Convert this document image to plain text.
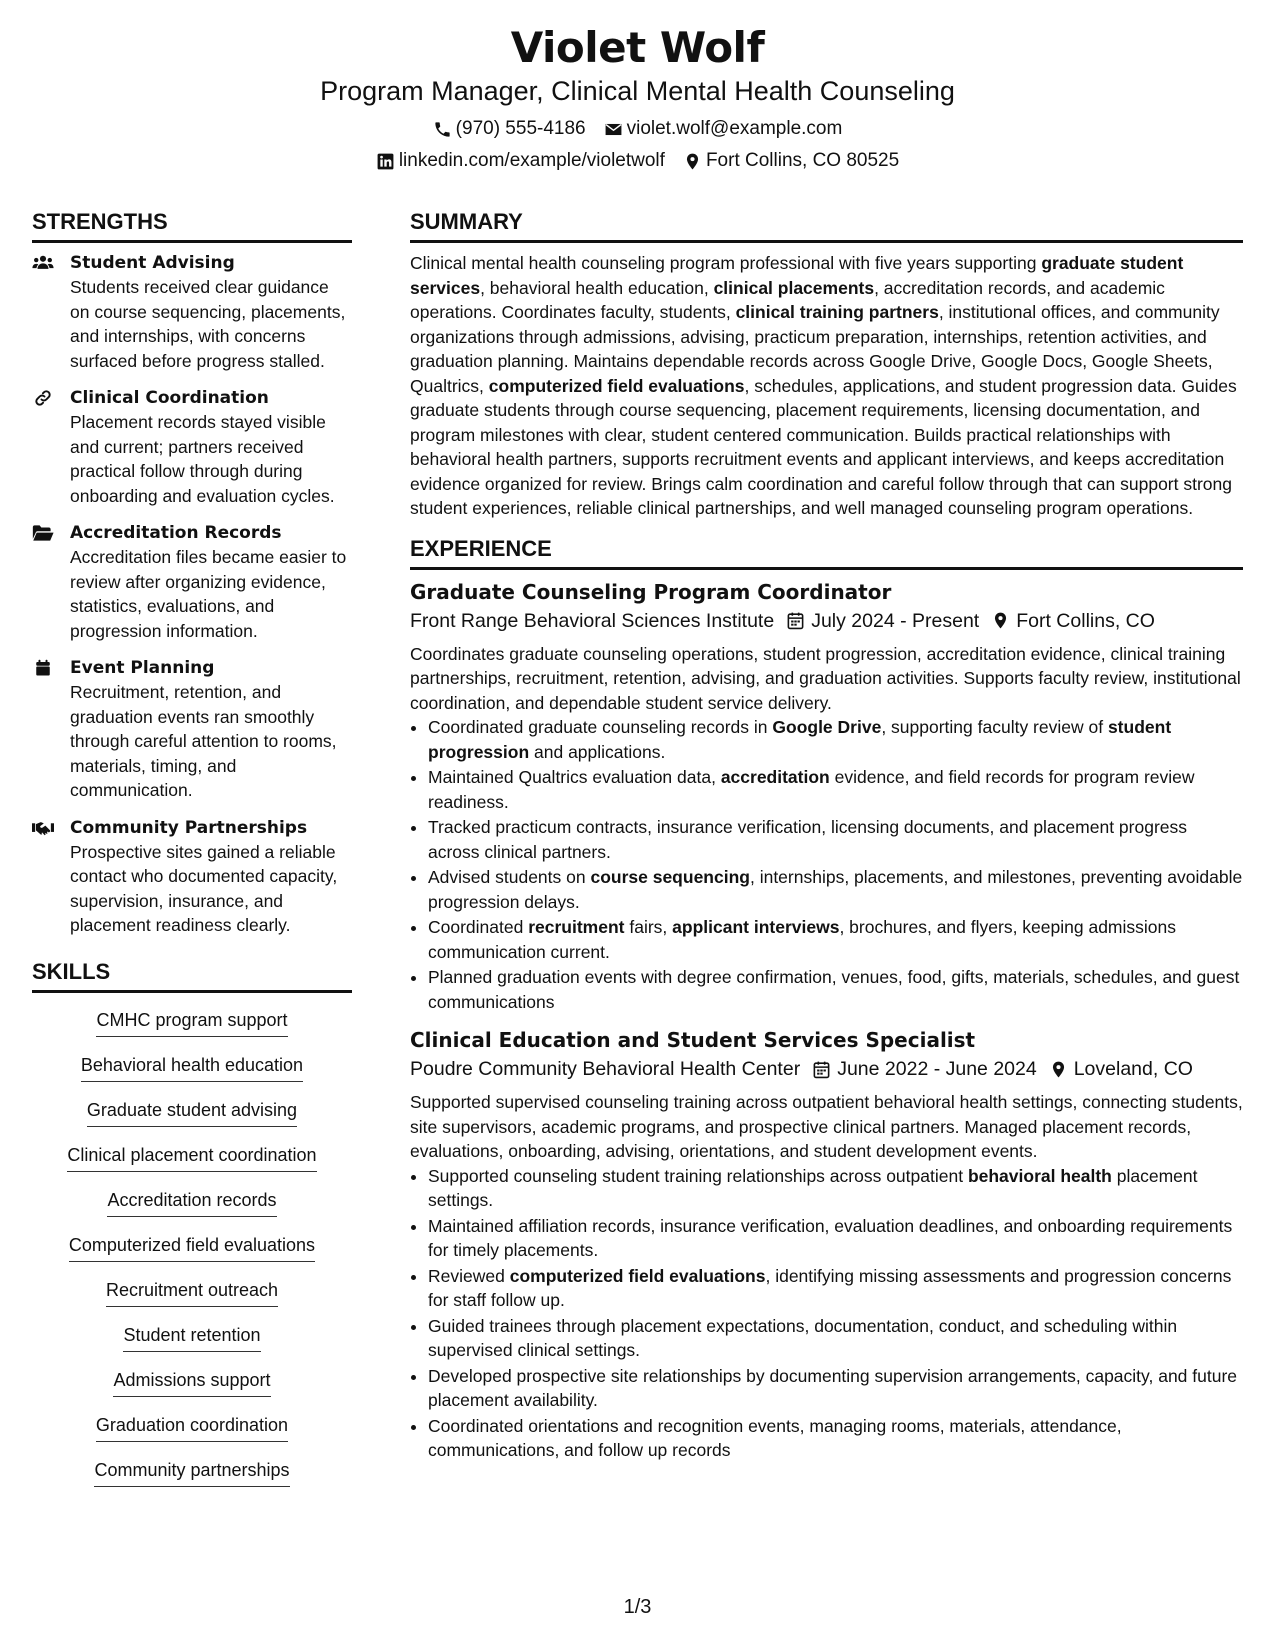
Violet Wolf
Program Manager, Clinical Mental Health Counseling
(970) 555-4186 violet.wolf@example.com
linkedin.com/example/violetwolf Fort Collins, CO 80525
STRENGTHS
Student Advising
Students received clear guidance on course sequencing, placements, and internships, with concerns surfaced before progress stalled.
Clinical Coordination
Placement records stayed visible and current; partners received practical follow through during onboarding and evaluation cycles.
Accreditation Records
Accreditation files became easier to review after organizing evidence, statistics, evaluations, and progression information.
Event Planning
Recruitment, retention, and graduation events ran smoothly through careful attention to rooms, materials, timing, and communication.
Community Partnerships
Prospective sites gained a reliable contact who documented capacity, supervision, insurance, and placement readiness clearly.
SKILLS
CMHC program support
Behavioral health education
Graduate student advising
Clinical placement coordination
Accreditation records
Computerized field evaluations
Recruitment outreach
Student retention
Admissions support
Graduation coordination
Community partnerships
SUMMARY
Clinical mental health counseling program professional with five years supporting graduate student services, behavioral health education, clinical placements, accreditation records, and academic operations. Coordinates faculty, students, clinical training partners, institutional offices, and community organizations through admissions, advising, practicum preparation, internships, retention activities, and graduation planning. Maintains dependable records across Google Drive, Google Docs, Google Sheets, Qualtrics, computerized field evaluations, schedules, applications, and student progression data. Guides graduate students through course sequencing, placement requirements, licensing documentation, and program milestones with clear, student centered communication. Builds practical relationships with behavioral health partners, supports recruitment events and applicant interviews, and keeps accreditation evidence organized for review. Brings calm coordination and careful follow through that can support strong student experiences, reliable clinical partnerships, and well managed counseling program operations.
EXPERIENCE
Graduate Counseling Program Coordinator
Front Range Behavioral Sciences Institute July 2024 - Present Fort Collins, CO
Coordinates graduate counseling operations, student progression, accreditation evidence, clinical training partnerships, recruitment, retention, advising, and graduation activities. Supports faculty review, institutional coordination, and dependable student service delivery.
• Coordinated graduate counseling records in Google Drive, supporting faculty review of student progression and applications.
• Maintained Qualtrics evaluation data, accreditation evidence, and field records for program review readiness.
• Tracked practicum contracts, insurance verification, licensing documents, and placement progress across clinical partners.
• Advised students on course sequencing, internships, placements, and milestones, preventing avoidable progression delays.
• Coordinated recruitment fairs, applicant interviews, brochures, and flyers, keeping admissions communication current.
• Planned graduation events with degree confirmation, venues, food, gifts, materials, schedules, and guest communications
Clinical Education and Student Services Specialist
Poudre Community Behavioral Health Center June 2022 - June 2024 Loveland, CO
Supported supervised counseling training across outpatient behavioral health settings, connecting students, site supervisors, academic programs, and prospective clinical partners. Managed placement records, evaluations, onboarding, advising, orientations, and student development events.
• Supported counseling student training relationships across outpatient behavioral health placement settings.
• Maintained affiliation records, insurance verification, evaluation deadlines, and onboarding requirements for timely placements.
• Reviewed computerized field evaluations, identifying missing assessments and progression concerns for staff follow up.
• Guided trainees through placement expectations, documentation, conduct, and scheduling within supervised clinical settings.
• Developed prospective site relationships by documenting supervision arrangements, capacity, and future placement availability.
• Coordinated orientations and recognition events, managing rooms, materials, attendance, communications, and follow up records
1/3
